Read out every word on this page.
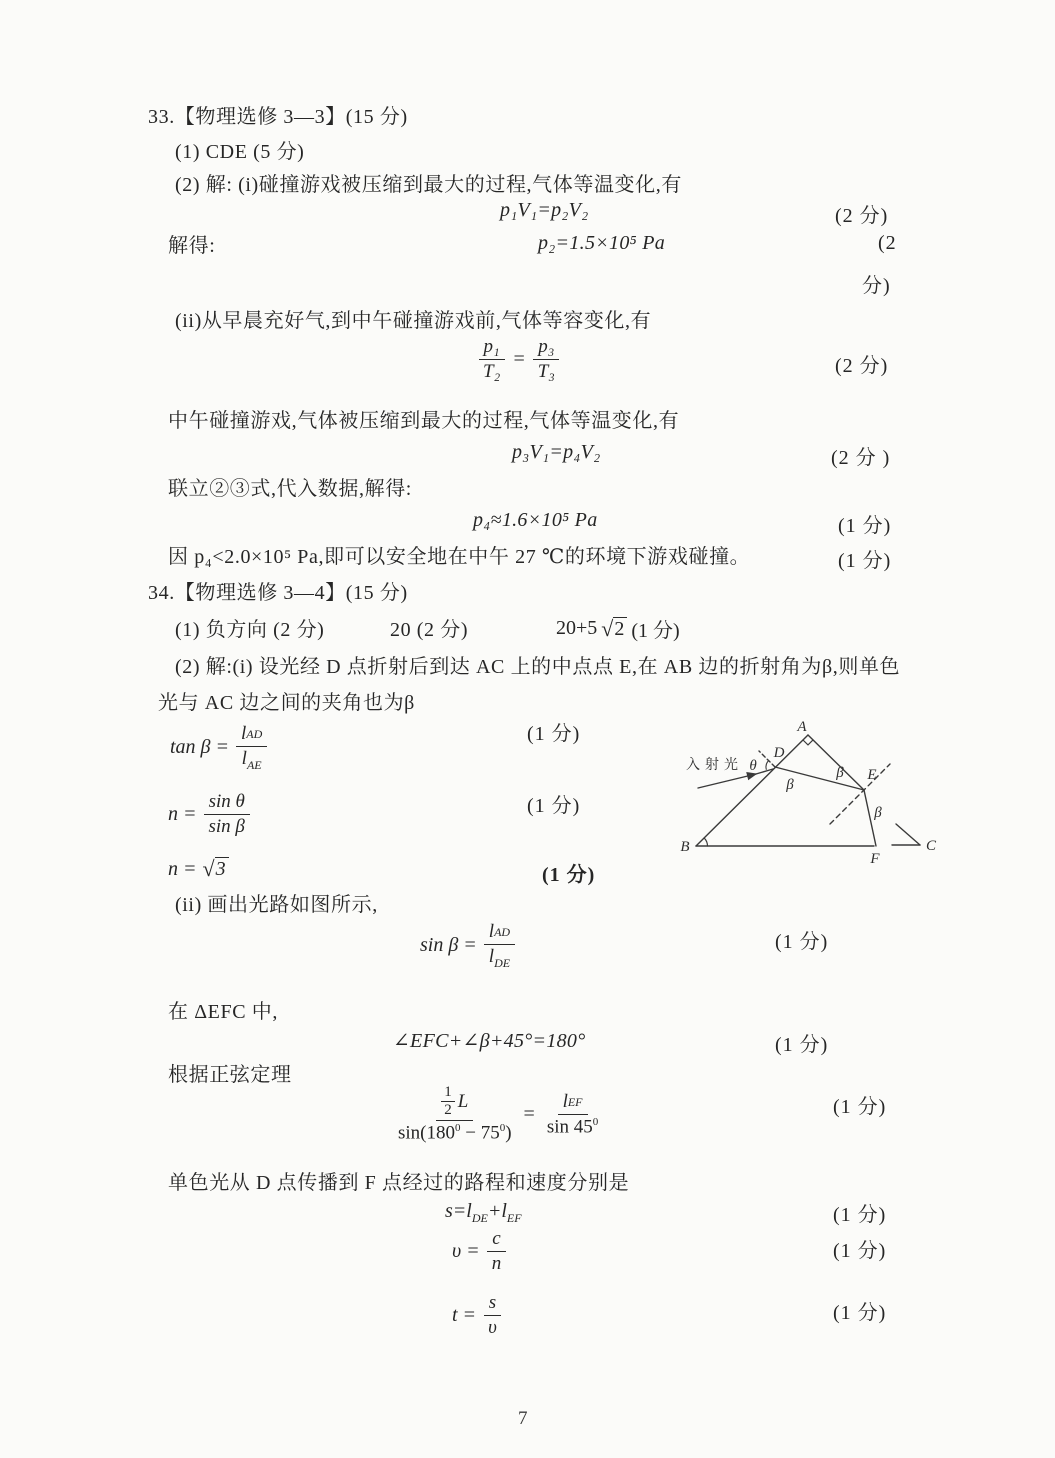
33.【物理选修 3—3】(15 分)
(1) CDE (5 分)
(2) 解: (i)碰撞游戏被压缩到最大的过程,气体等温变化,有
p₁V₁=p₂V₂	(2 分)
解得:	p₂=1.5×10⁵ Pa	(2
分)
(ii)从早晨充好气,到中午碰撞游戏前,气体等容变化,有
$\frac{\text{p₁}}{\text{T₂}} = \frac{\text{p₃}}{\text{T₃}}$	(2 分)
中午碰撞游戏,气体被压缩到最大的过程,气体等温变化,有
p₃V₁=p₄V₂	(2 分 )
联立②③式,代入数据,解得:
p₄≈1.6×10⁵ Pa	(1 分)
因 p₄<2.0×10⁵ Pa,即可以安全地在中午 27 ℃的环境下游戏碰撞。	(1 分)
34.【物理选修 3—4】(15 分)
(1) 负方向 (2 分)	20 (2 分)	20+5 √ 2 (1 分)
(2) 解:(i) 设光经 D 点折射后到达 AC 上的中点点 E,在 AB 边的折射角为β,则单色
光与 AC 边之间的夹角也为β
$\tan \beta = \frac{\text{l AD}}{l_{AE}}$	(1 分)
$n = \frac{\text{sin θ}}{\text{sin β}}$	(1 分)
n = √ 3	(1 分)
(ii) 画出光路如图所示,
$\sin \beta = \frac{\text{l AD}}{l_{DE}}$	(1 分)
在 ΔEFC 中,
∠EFC+∠β+45°=180°	(1 分)
根据正弦定理
1
2 L
$\sin(180^0 - 75^0) = \frac{\text{l EF}}{\sin 45^0}$	(1 分)
单色光从 D 点传播到 F 点经过的路程和速度分别是
$s=l_{DE}+l_{EF}$	(1 分)
$\upsilon = \frac{c}{n}$	(1 分)
$t = \frac{s}{\upsilon}$	(1 分)
A
B	C
D
E
F
θ
β
β
β
入射光
7
